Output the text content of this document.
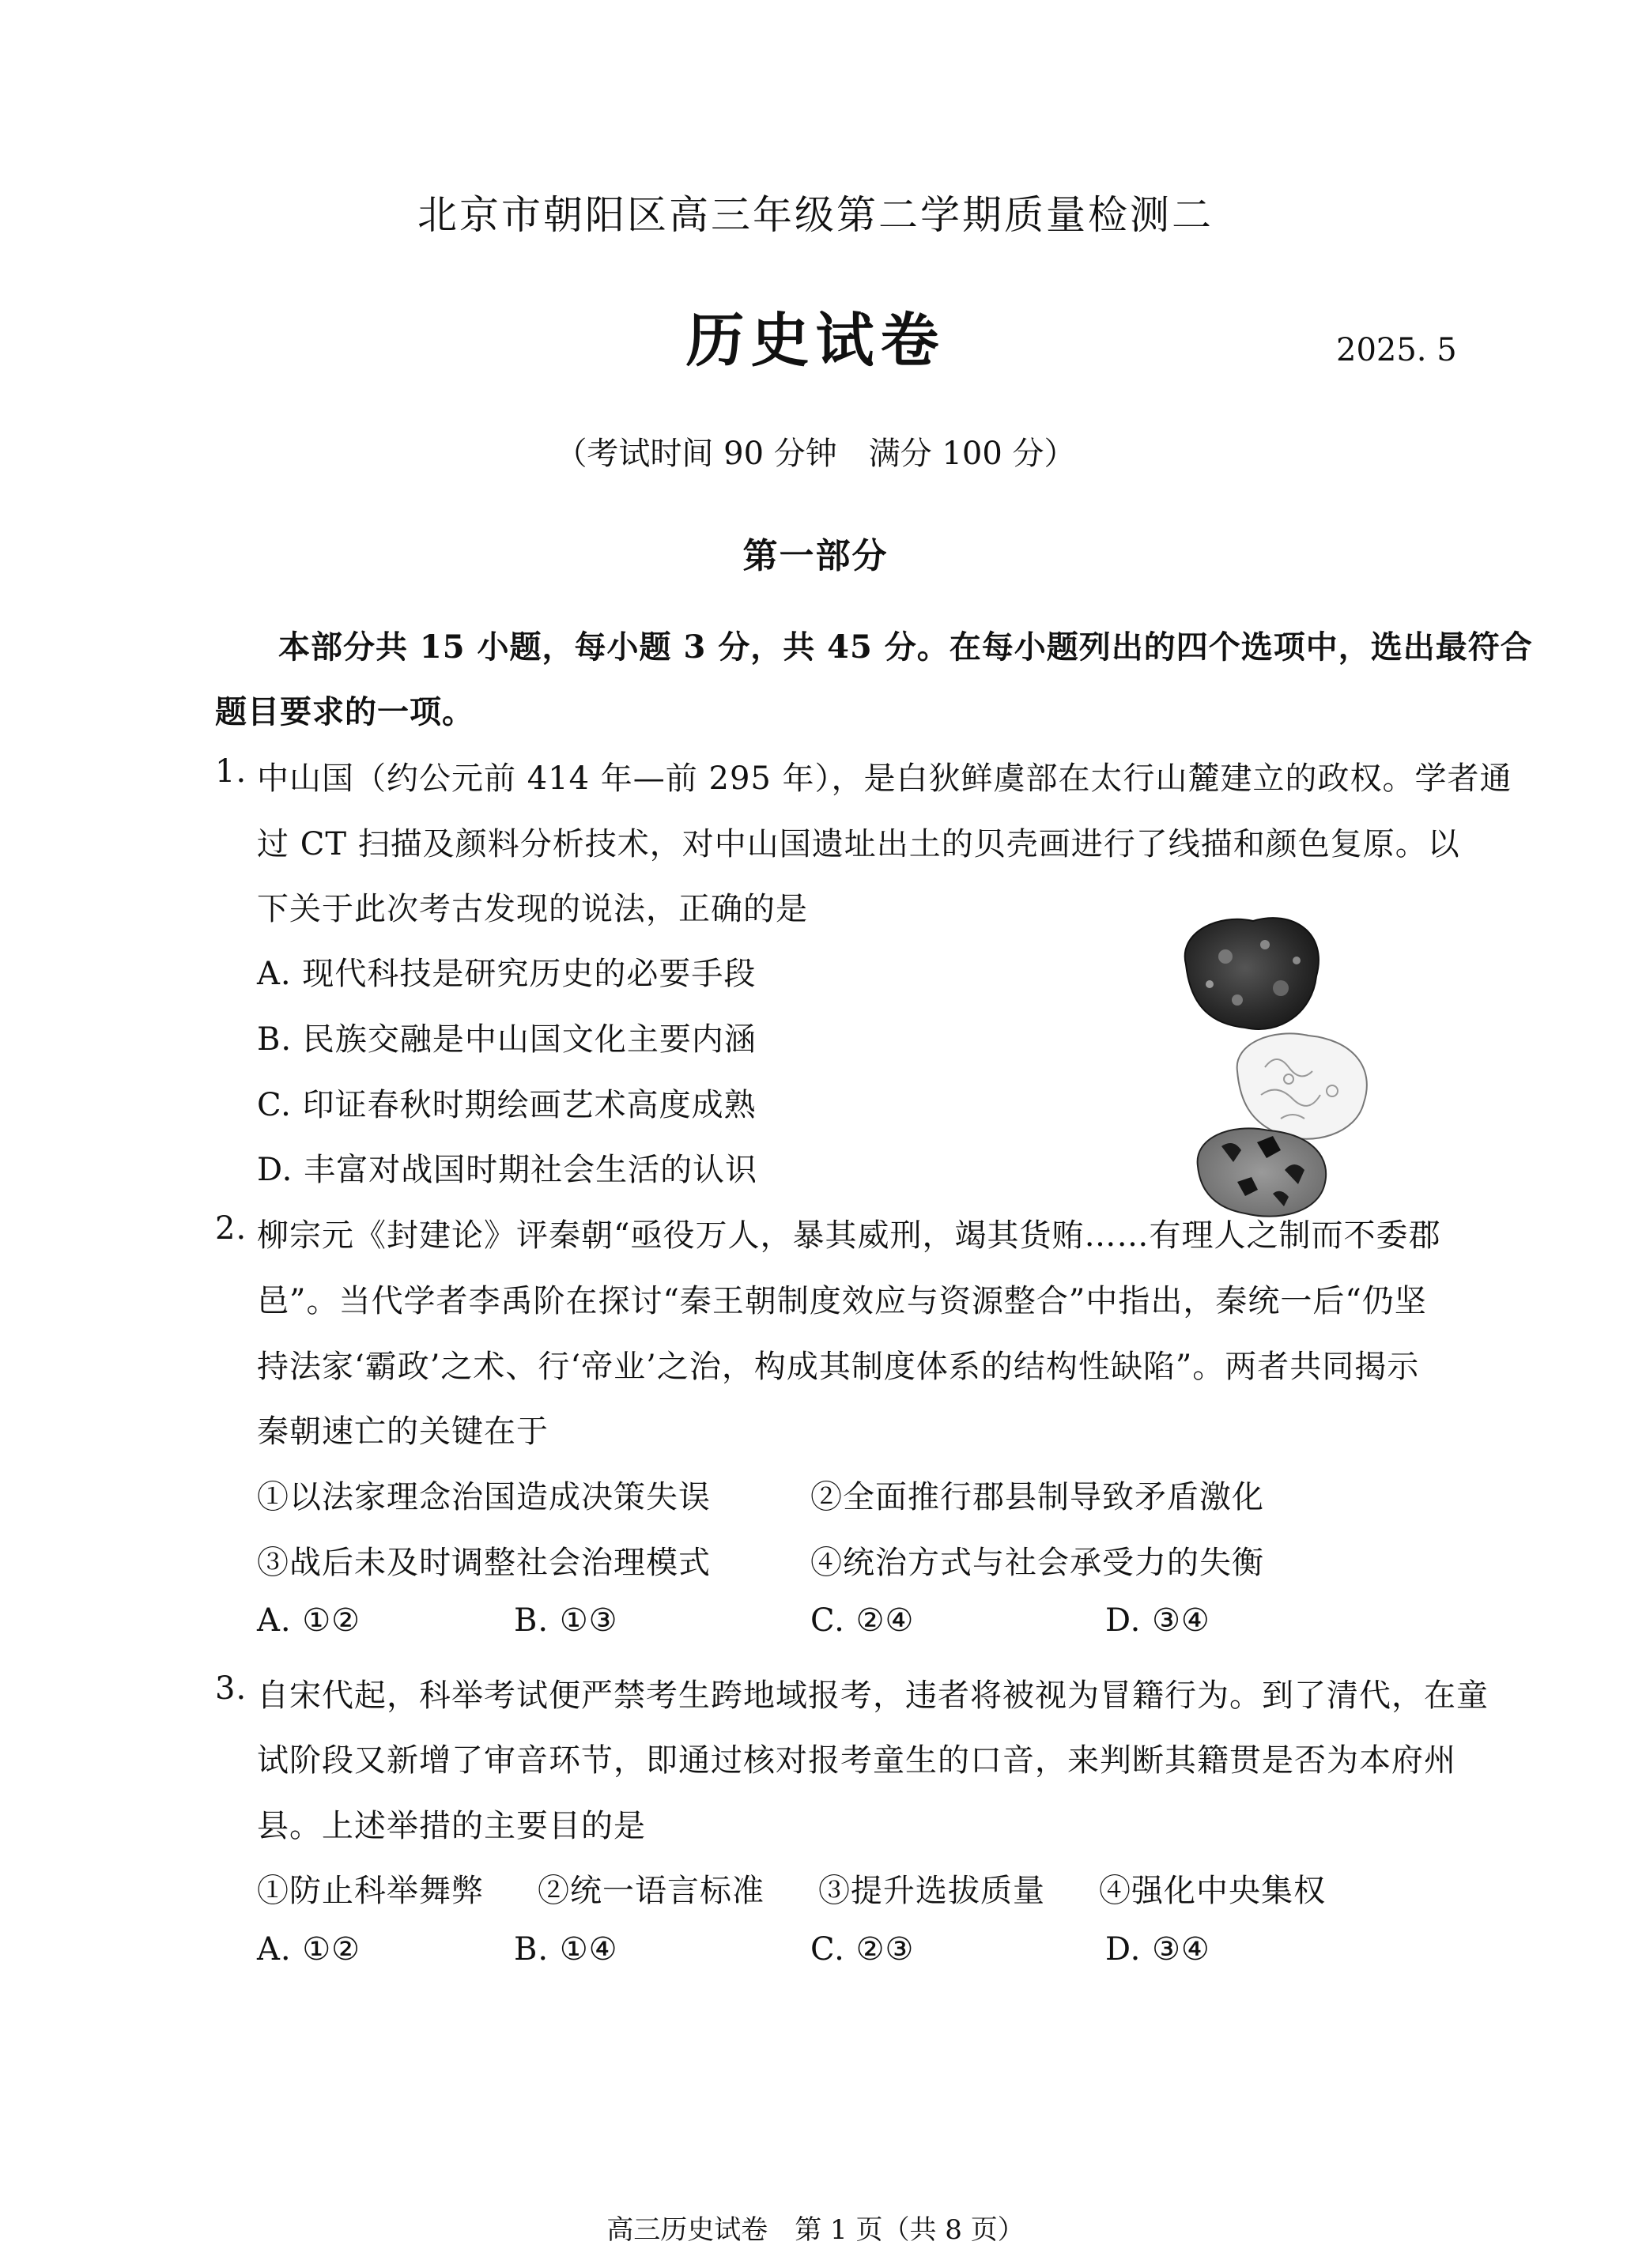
北京市朝阳区高三年级第二学期质量检测二
历史试卷	2025. 5
（考试时间 90 分钟　满分 100 分）
第一部分
本部分共 15 小题，每小题 3 分，共 45 分。在每小题列出的四个选项中，选出最符合
题目要求的一项。
1. 中山国（约公元前 414 年—前 295 年），是白狄鲜虞部在太行山麓建立的政权。学者通
过 CT 扫描及颜料分析技术，对中山国遗址出土的贝壳画进行了线描和颜色复原。以
下关于此次考古发现的说法，正确的是
A. 现代科技是研究历史的必要手段
B. 民族交融是中山国文化主要内涵
C. 印证春秋时期绘画艺术高度成熟
D. 丰富对战国时期社会生活的认识
2. 柳宗元《封建论》评秦朝“亟役万人，暴其威刑，竭其货贿……有理人之制而不委郡
邑”。当代学者李禹阶在探讨“秦王朝制度效应与资源整合”中指出，秦统一后“仍坚
持法家‘霸政’之术、行‘帝业’之治，构成其制度体系的结构性缺陷”。两者共同揭示
秦朝速亡的关键在于
①以法家理念治国造成决策失误	②全面推行郡县制导致矛盾激化
③战后未及时调整社会治理模式	④统治方式与社会承受力的失衡
A. ①②	B. ①③	C. ②④	D. ③④
3. 自宋代起，科举考试便严禁考生跨地域报考，违者将被视为冒籍行为。到了清代，在童
试阶段又新增了审音环节，即通过核对报考童生的口音，来判断其籍贯是否为本府州
县。上述举措的主要目的是
①防止科举舞弊 ②统一语言标准 ③提升选拔质量 ④强化中央集权
A. ①②	B. ①④	C. ②③	D. ③④
高三历史试卷　第 1 页（共 8 页）
